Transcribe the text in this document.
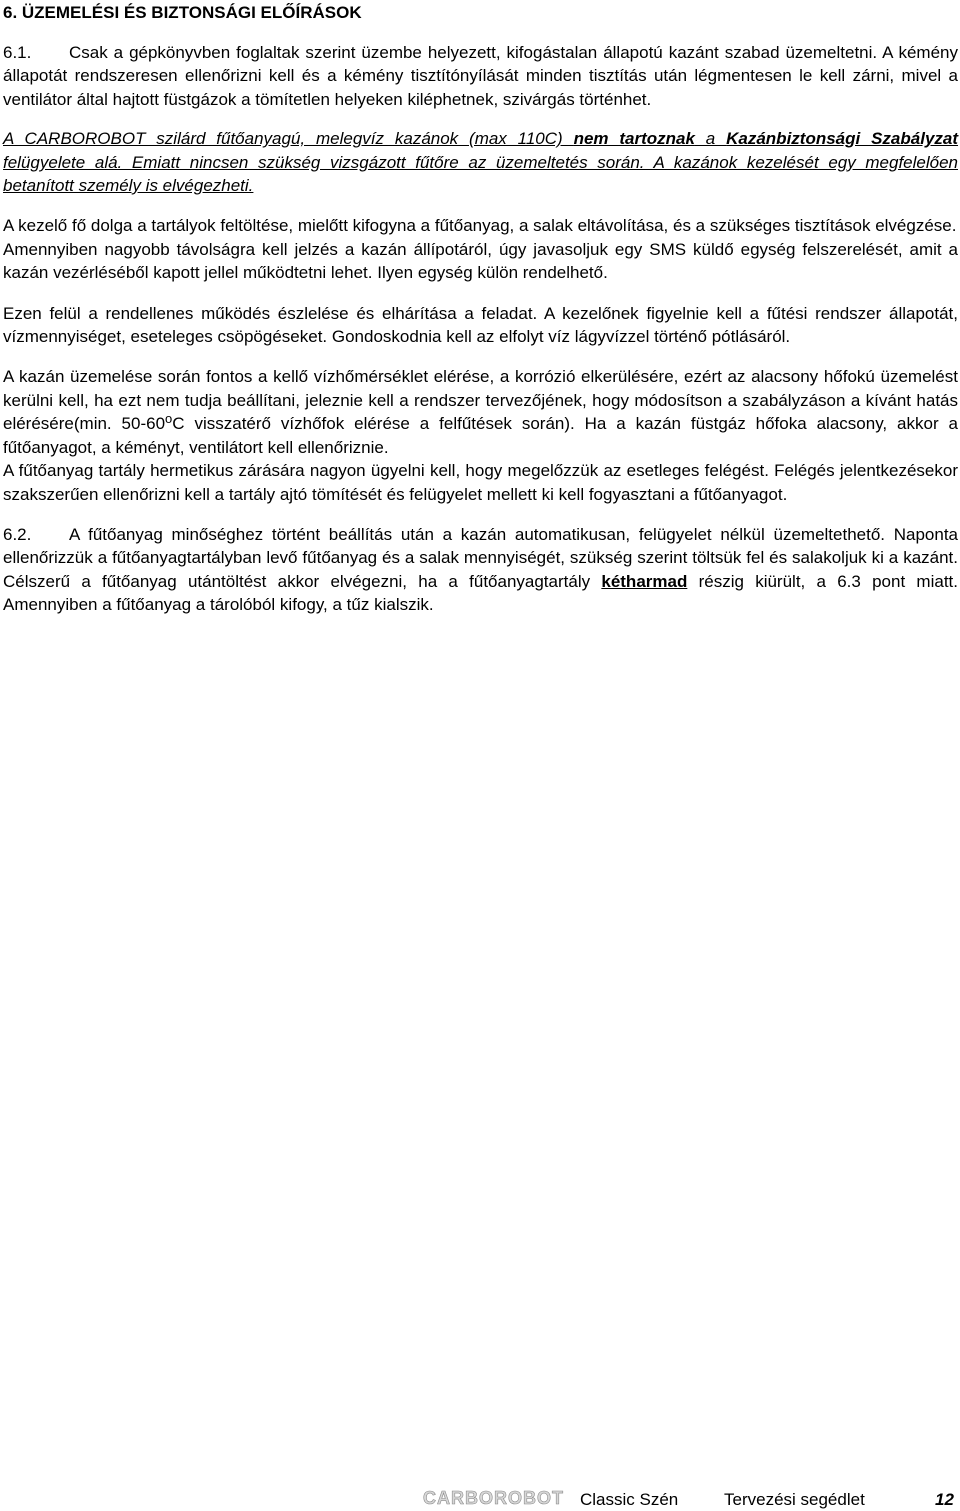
6. ÜZEMELÉSI ÉS BIZTONSÁGI ELŐÍRÁSOK

6.1. Csak a gépkönyvben foglaltak szerint üzembe helyezett, kifogástalan állapotú kazánt szabad üzemeltetni. A kémény állapotát rendszeresen ellenőrizni kell és a kémény tisztítónyílását minden tisztítás után légmentesen le kell zárni, mivel a ventilátor által hajtott füstgázok a tömítetlen helyeken kiléphetnek, szivárgás történhet.

A CARBOROBOT szilárd fűtőanyagú, melegvíz kazánok (max 110C) nem tartoznak a Kazánbiztonsági Szabályzat felügyelete alá. Emiatt nincsen szükség vizsgázott fűtőre az üzemeltetés során. A kazánok kezelését egy megfelelően betanított személy is elvégezheti.

A kezelő fő dolga a tartályok feltöltése, mielőtt kifogyna a fűtőanyag, a salak eltávolítása, és a szükséges tisztítások elvégzése.

Amennyiben nagyobb távolságra kell jelzés a kazán állípotáról, úgy javasoljuk egy SMS küldő egység felszerelését, amit a kazán vezérléséből kapott jellel működtetni lehet. Ilyen egység külön rendelhető.

Ezen felül a rendellenes működés észlelése és elhárítása a feladat. A kezelőnek figyelnie kell a fűtési rendszer állapotát, vízmennyiséget, eseteleges csöpögéseket. Gondoskodnia kell az elfolyt víz lágyvízzel történő pótlásáról.

A kazán üzemelése során fontos a kellő vízhőmérséklet elérése, a korrózió elkerülésére, ezért az alacsony hőfokú üzemelést kerülni kell, ha ezt nem tudja beállítani, jeleznie kell a rendszer tervezőjének, hogy módosítson a szabályzáson a kívánt hatás elérésére(min. 50-60$^o$C visszatérő vízhőfok elérése a felfűtések során). Ha a kazán füstgáz hőfoka alacsony, akkor a fűtőanyagot, a kéményt, ventilátort kell ellenőriznie.

A fűtőanyag tartály hermetikus zárására nagyon ügyelni kell, hogy megelőzzük az esetleges felégést. Felégés jelentkezésekor szakszerűen ellenőrizni kell a tartály ajtó tömítését és felügyelet mellett ki kell fogyasztani a fűtőanyagot.

6.2. A fűtőanyag minőséghez történt beállítás után a kazán automatikusan, felügyelet nélkül üzemeltethető. Naponta ellenőrizzük a fűtőanyagtartályban levő fűtőanyag és a salak mennyiségét, szükség szerint töltsük fel és salakoljuk ki a kazánt. Célszerű a fűtőanyag utántöltést akkor elvégezni, ha a fűtőanyagtartály kétharmad részig kiürült, a 6.3 pont miatt. Amennyiben a fűtőanyag a tárolóból kifogy, a tűz kialszik.

CARBOROBOT Classic Szén	Tervezési segédlet	12
